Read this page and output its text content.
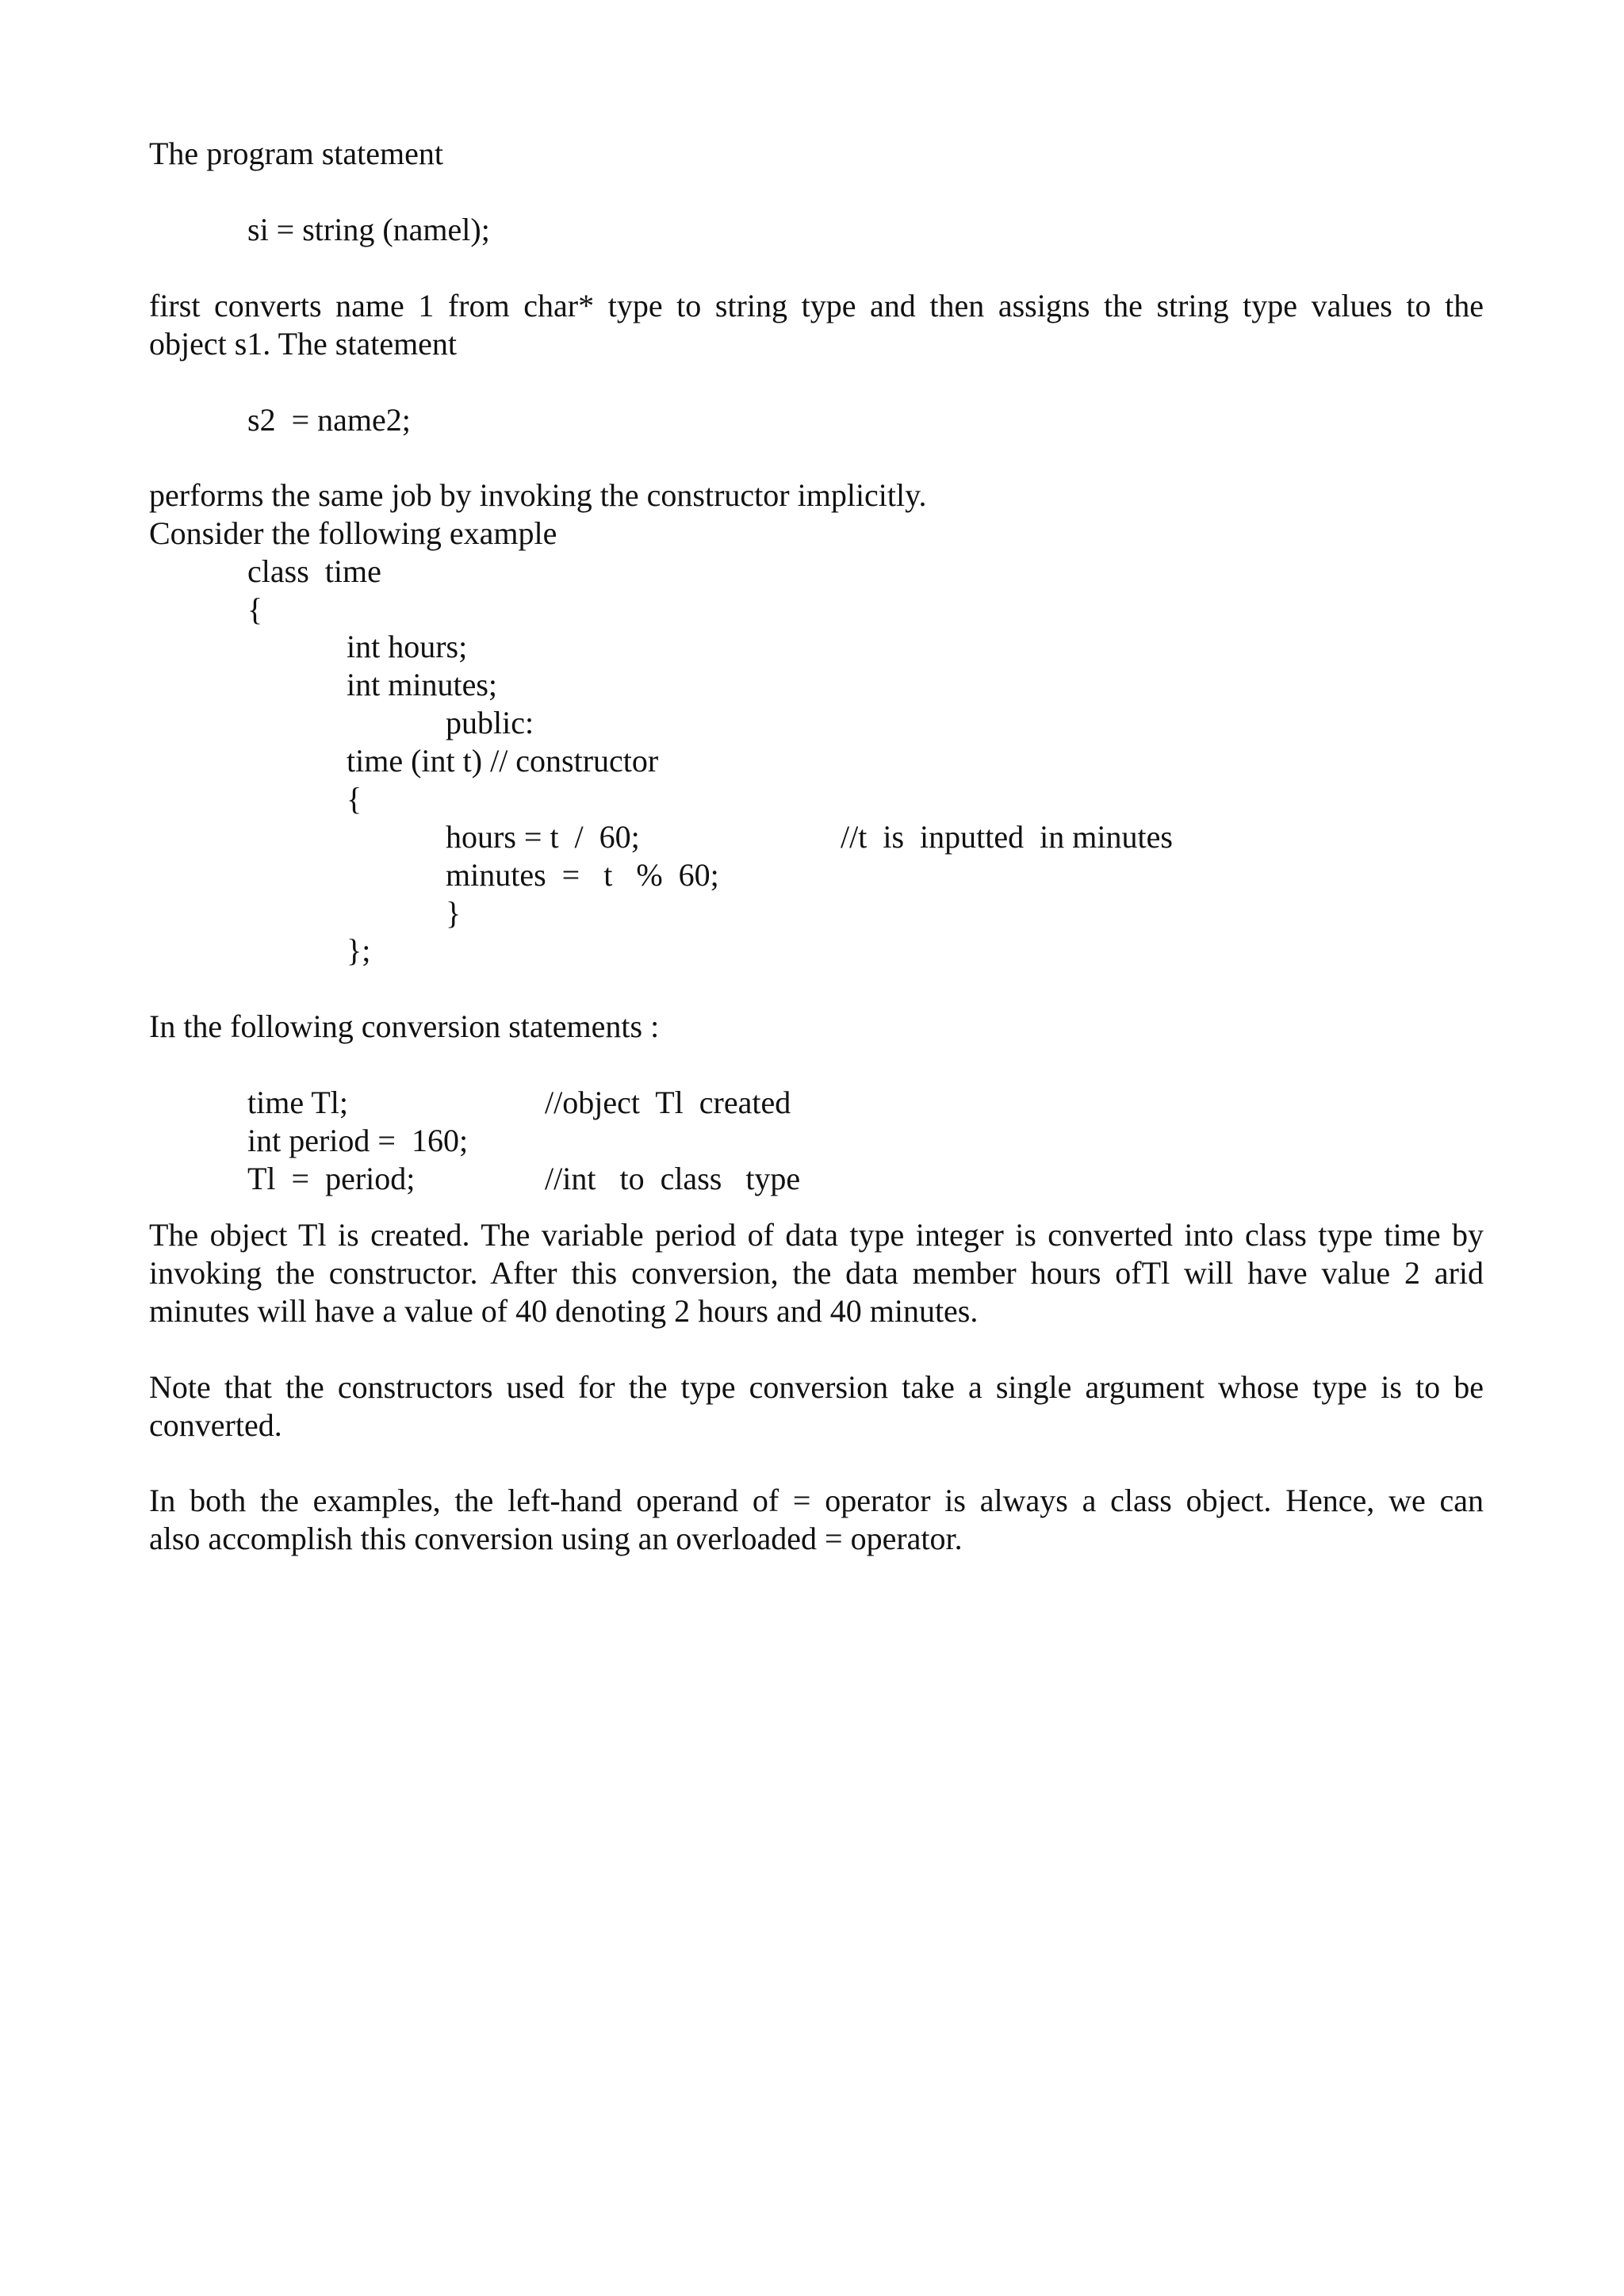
The program statement

si = string (namel);

first converts name 1 from char* type to string type and then assigns the string type values to the

object s1. The statement

s2  = name2;

performs the same job by invoking the constructor implicitly.

Consider the following example

class  time

{

int hours;

int minutes;

public:

time (int t) // constructor

{

hours = t  /  60;	//t  is  inputted  in minutes

minutes  =   t   %  60;

}

};

In the following conversion statements :

time Tl;	//object  Tl  created

int period =  160;

Tl  =  period;	//int   to  class   type

The object Tl is created. The variable period of data type integer is converted into class type time by

invoking the constructor. After this conversion, the data member hours ofTl will have value 2 arid

minutes will have a value of 40 denoting 2 hours and 40 minutes.

Note that the constructors used for the type conversion take a single argument whose type is to be

converted.

In both the examples, the left-hand operand of = operator is always a class object. Hence, we can

also accomplish this conversion using an overloaded = operator.
